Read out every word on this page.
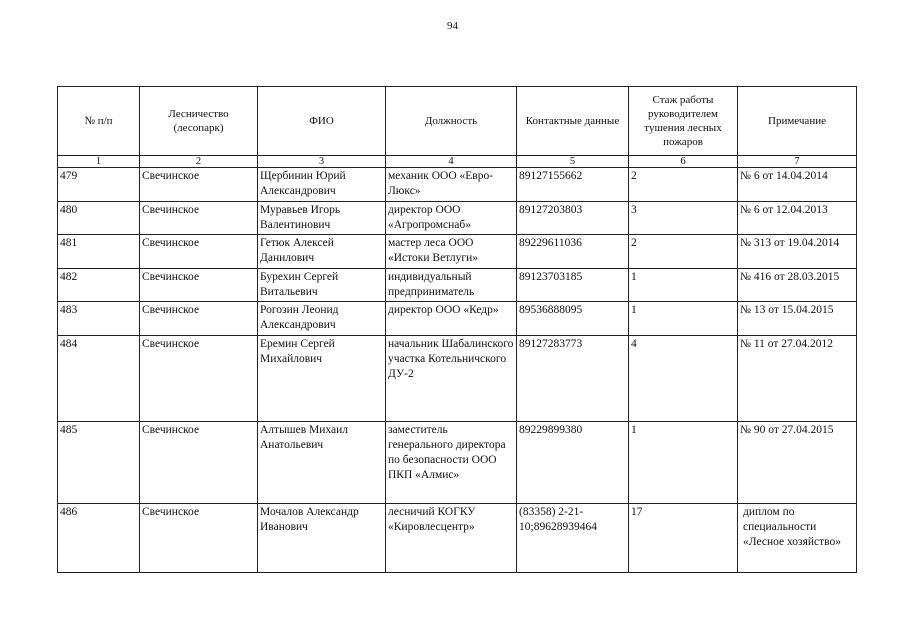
94
№ п/п	Лесничество (лесопарк)	ФИО	Должность	Контактные данные	Стаж работы руководителем тушения лесных пожаров	Примечание
1	2	3	4	5	6	7
479	Свечинское	Щербинин Юрий Александрович	механик ООО «Евро-Люкс»	89127155662	2	№ 6 от 14.04.2014
480	Свечинское	Муравьев Игорь Валентинович	директор ООО «Агропромснаб»	89127203803	3	№ 6 от 12.04.2013
481	Свечинское	Гетюк Алексей Данилович	мастер леса ООО «Истоки Ветлуги»	89229611036	2	№ 313 от 19.04.2014
482	Свечинское	Бурехин Сергей Витальевич	индивидуальный предприниматель	89123703185	1	№ 416 от 28.03.2015
483	Свечинское	Рогозин Леонид Александрович	директор ООО «Кедр»	89536888095	1	№ 13 от 15.04.2015
484	Свечинское	Еремин Сергей Михайлович	начальник Шабалинского участка Котельничского ДУ-2	89127283773	4	№ 11 от 27.04.2012
485	Свечинское	Алтышев Михаил Анатольевич	заместитель генерального директора по безопасности ООО ПКП «Алмис»	89229899380	1	№ 90 от 27.04.2015
486	Свечинское	Мочалов Александр Иванович	лесничий КОГКУ «Кировлесцентр»	(83358) 2-21-10;89628939464	17	диплом по специальности «Лесное хозяйство»
